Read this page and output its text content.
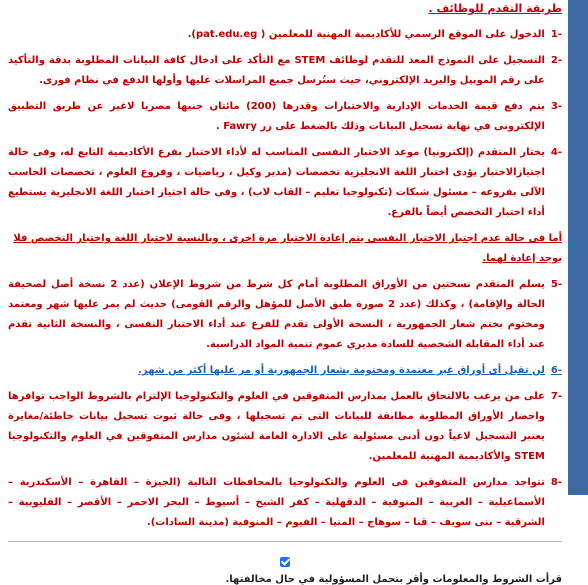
طريقة التقدم للوظائف .
-1
الدخول على الموقع الرسمي للأكاديمية المهنية للمعلمين ( pat.edu.eg).
-2
التسجيل على النموذج المعد للتقدم لوظائف STEM مع التأكد على ادخال كافة البيانات المطلوبة بدقة والتأكيد على رقم الموبيل والبريد الإلكتروني، حيث ستُرسل جميع المراسلات عليها وأولها الدفع في نظام فورى.
-3
يتم دفع قيمة الخدمات الإدارية والاختبارات وقدرها (200) مائتان جنيها مصريا لاغير عن طريق التطبيق الإلكترونى في نهاية تسجيل البيانات وذلك بالضغط على زر Fawry .
-4
يختار المتقدم (إلكترونيا) موعد الاختبار النفسى المناسب له لأداء الاختبار بفرع الأكاديمية التابع له، وفى حالة اجتيازالاختبار يؤدى اختبار اللغة الانجليزية تخصصات (مدير وكيل ، رياضيات ، وفروع العلوم ، تخصصات الحاسب الآلى بفروعه – مسئول شبكات (تكنولوجيا تعليم – القاب لاب) ، وفى حالة اجتياز اختبار اللغة الانجليزية يستطيع أداء اختبار التخصص أيضاً بالفرع.
أما فى حالة عدم اجتياز الاختبار النفسى يتم إعادة الاختبار مرة اخرى ، وبالنسبة لاختبار اللغة واختبار التخصص فلا يوجد إعادة لهما.
-5
يسلم المتقدم نسختين من الأوراق المطلوبة أمام كل شرط من شروط الإعلان (عدد 2 نسخة أصل لصحيفة الحالة والإقامة) ، وكذلك (عدد 2 صورة طبق الأصل للمؤهل والرقم القومى) حديث لم يمر عليها شهر ومعتمد ومختوم بختم شعار الجمهورية ، النسخة الأولى تقدم للفرع عند أداء الاختبار النفسى ، والنسخة الثانية تقدم عند أداء المقابلة الشخصية للسادة مديري عموم تنمية المواد الدراسية.
-6
لن تقبل أى أوراق غير معتمدة ومختومة بشعار الجمهورية أو مر عليها أكثر من شهر.
-7
على من يرغب بالالتحاق بالعمل بمدارس المتفوقين في العلوم والتكنولوجيا الإلتزام بالشروط الواجب توافرها واحضار الأوراق المطلوبة مطابقة للبيانات التى تم تسجيلها ، وفى حالة ثبوت تسجيل بيانات خاطئة/مغايرة يعتبر التسجيل لاغياً دون أدنى مسئولية على الادارة العامة لشئون مدارس المتفوقين في العلوم والتكنولوجيا STEM والأكاديمية المهنية للمعلمين.
-8
تتواجد مدارس المتفوقين فى العلوم والتكنولوجيا بالمحافظات التالية (الجيزة – القاهرة – الأسكندرية – الأسماعيلية – الغربية – المنوفية – الدقهلية – كفر الشيخ – أسيوط – البحر الاحمر – الأقصر – القليوبية – الشرقية – بنى سويف – قنا – سوهاج – المنيا – الفيوم – المنوفية (مدينة السادات).
قرأت الشروط والمعلومات وأقر بتحمل المسؤولية في حال مخالفتها.
